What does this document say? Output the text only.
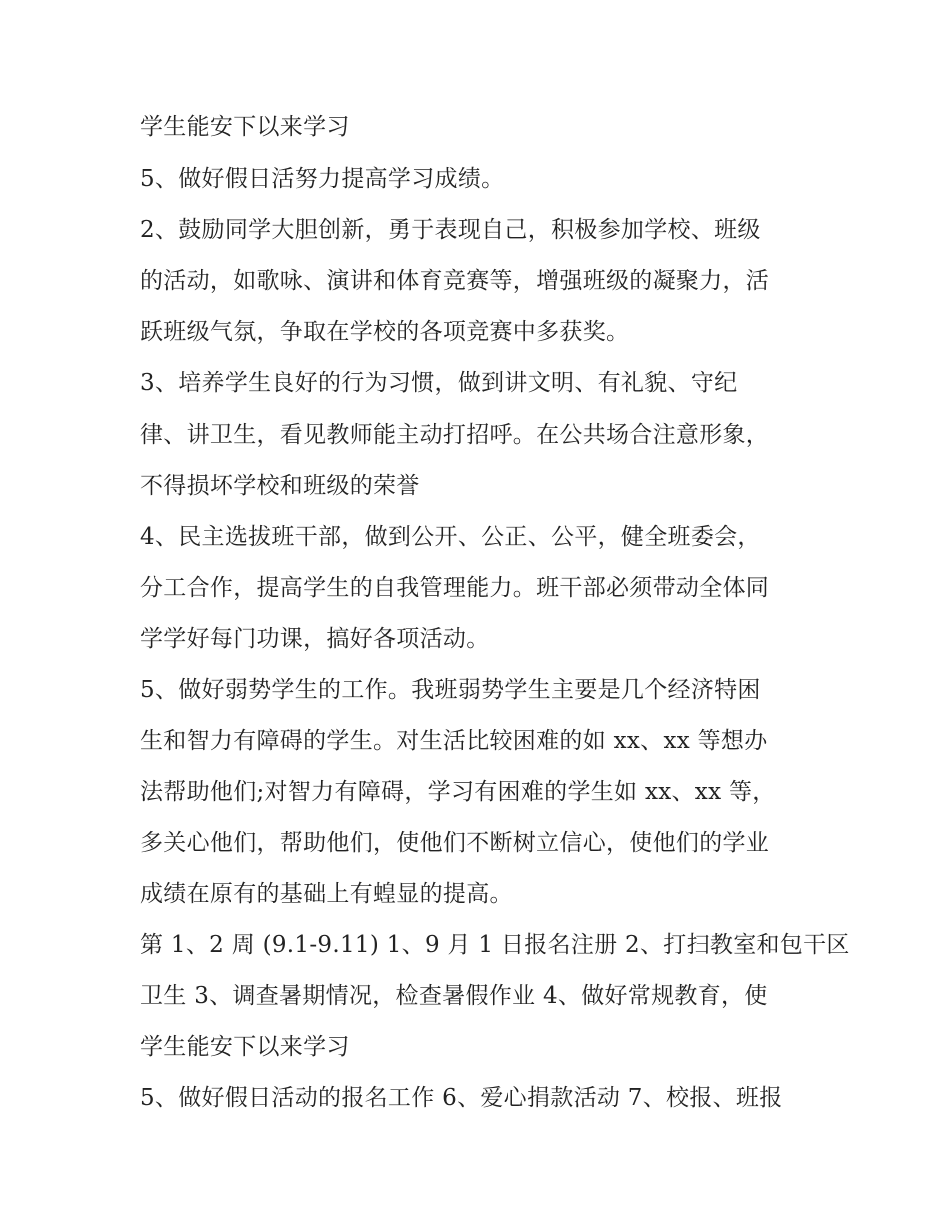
学生能安下以来学习

5、做好假日活努力提高学习成绩。

2、鼓励同学大胆创新，勇于表现自己，积极参加学校、班级

的活动，如歌咏、演讲和体育竞赛等，增强班级的凝聚力，活

跃班级气氛，争取在学校的各项竞赛中多获奖。

3、培养学生良好的行为习惯，做到讲文明、有礼貌、守纪

律、讲卫生，看见教师能主动打招呼。在公共场合注意形象，

不得损坏学校和班级的荣誉

4、民主选拔班干部，做到公开、公正、公平，健全班委会，

分工合作，提高学生的自我管理能力。班干部必须带动全体同

学学好每门功课，搞好各项活动。

5、做好弱势学生的工作。我班弱势学生主要是几个经济特困

生和智力有障碍的学生。对生活比较困难的如 xx、xx 等想办

法帮助他们;对智力有障碍，学习有困难的学生如 xx、xx 等，

多关心他们，帮助他们，使他们不断树立信心，使他们的学业

成绩在原有的基础上有蝗显的提高。

第 1、2 周 (9.1-9.11) 1、9 月 1 日报名注册 2、打扫教室和包干区

卫生 3、调查暑期情况，检查暑假作业 4、做好常规教育，使

学生能安下以来学习

5、做好假日活动的报名工作 6、爱心捐款活动 7、校报、班报
